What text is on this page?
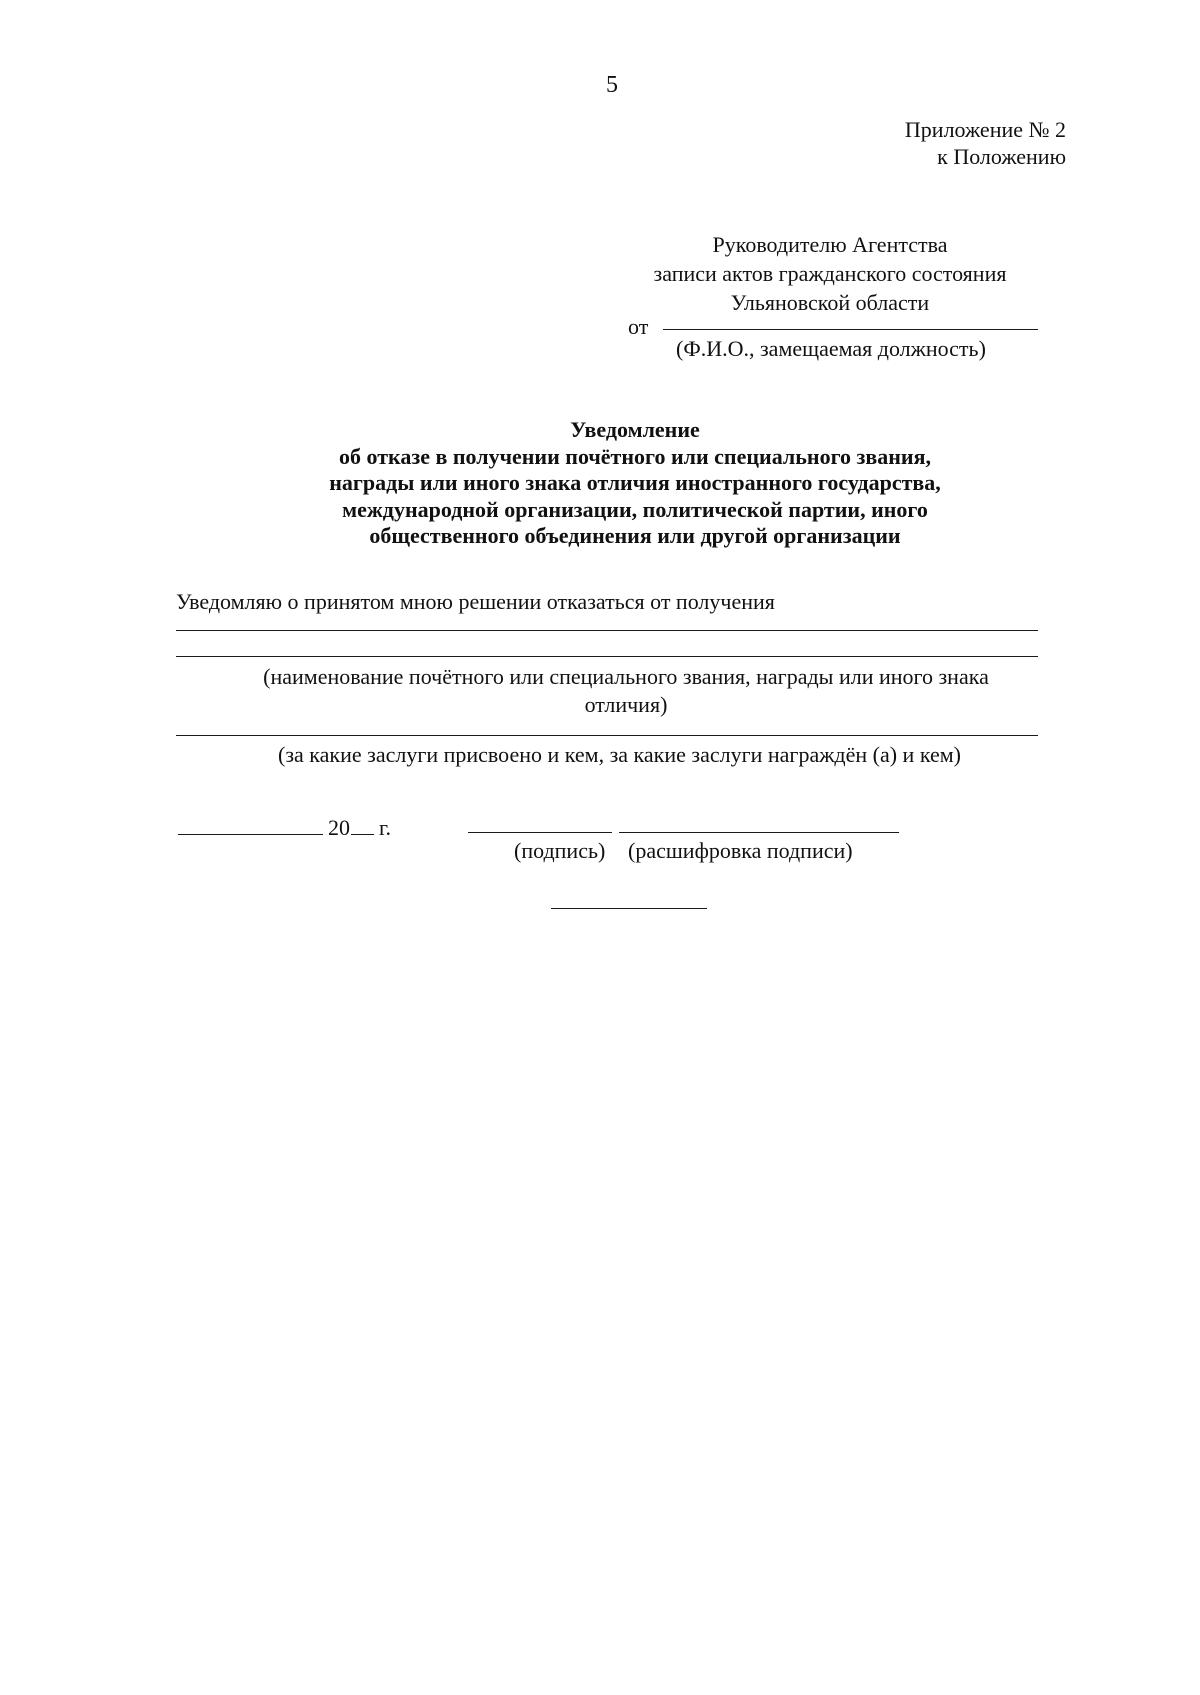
5
Приложение № 2
к Положению
Руководителю Агентства
записи актов гражданского состояния
Ульяновской области
от
(Ф.И.О., замещаемая должность)
Уведомление
об отказе в получении почётного или специального звания,
награды или иного знака отличия иностранного государства,
международной организации, политической партии, иного
общественного объединения или другой организации
Уведомляю о принятом мною решении отказаться от получения
(наименование почётного или специального звания, награды или иного знака
отличия)
(за какие заслуги присвоено и кем, за какие заслуги награждён (а) и кем)
20 г.
(подпись) (расшифровка подписи)
